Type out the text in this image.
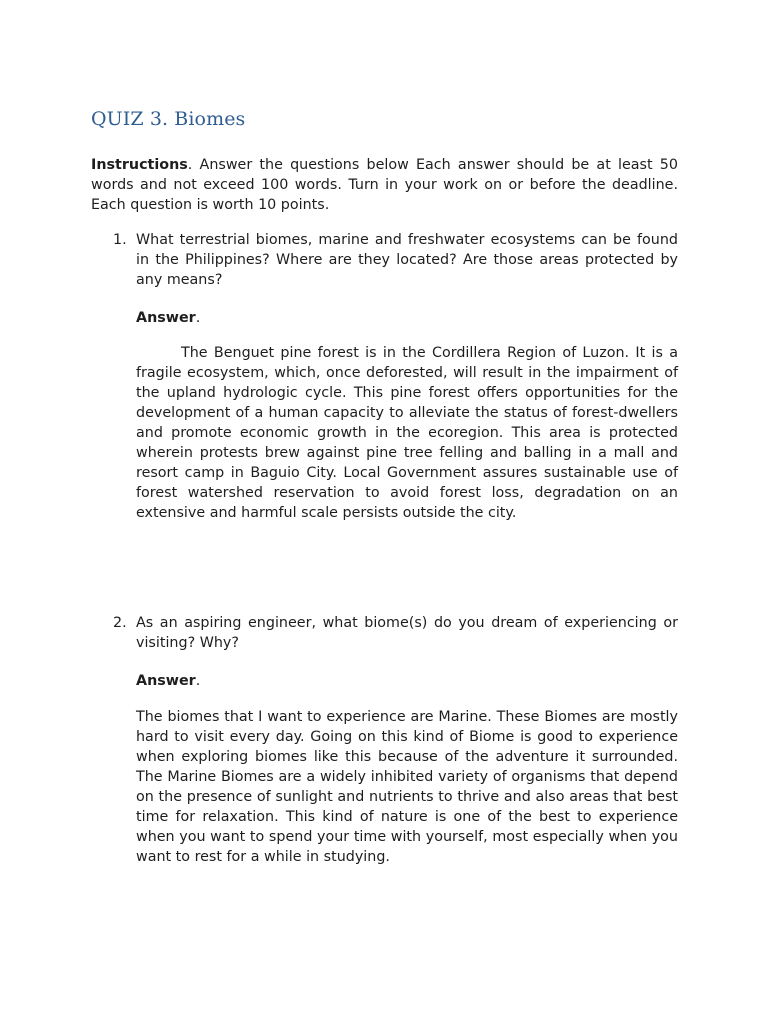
QUIZ 3. Biomes

Instructions. Answer the questions below Each answer should be at least 50 words and not exceed 100 words. Turn in your work on or before the deadline. Each question is worth 10 points.

1. What terrestrial biomes, marine and freshwater ecosystems can be found in the Philippines? Where are they located? Are those areas protected by any means?

Answer.

The Benguet pine forest is in the Cordillera Region of Luzon. It is a fragile ecosystem, which, once deforested, will result in the impairment of the upland hydrologic cycle. This pine forest offers opportunities for the development of a human capacity to alleviate the status of forest-dwellers and promote economic growth in the ecoregion. This area is protected wherein protests brew against pine tree felling and balling in a mall and resort camp in Baguio City. Local Government assures sustainable use of forest watershed reservation to avoid forest loss, degradation on an extensive and harmful scale persists outside the city.

2. As an aspiring engineer, what biome(s) do you dream of experiencing or visiting? Why?

Answer.

The biomes that I want to experience are Marine. These Biomes are mostly hard to visit every day. Going on this kind of Biome is good to experience when exploring biomes like this because of the adventure it surrounded. The Marine Biomes are a widely inhibited variety of organisms that depend on the presence of sunlight and nutrients to thrive and also areas that best time for relaxation. This kind of nature is one of the best to experience when you want to spend your time with yourself, most especially when you want to rest for a while in studying.
